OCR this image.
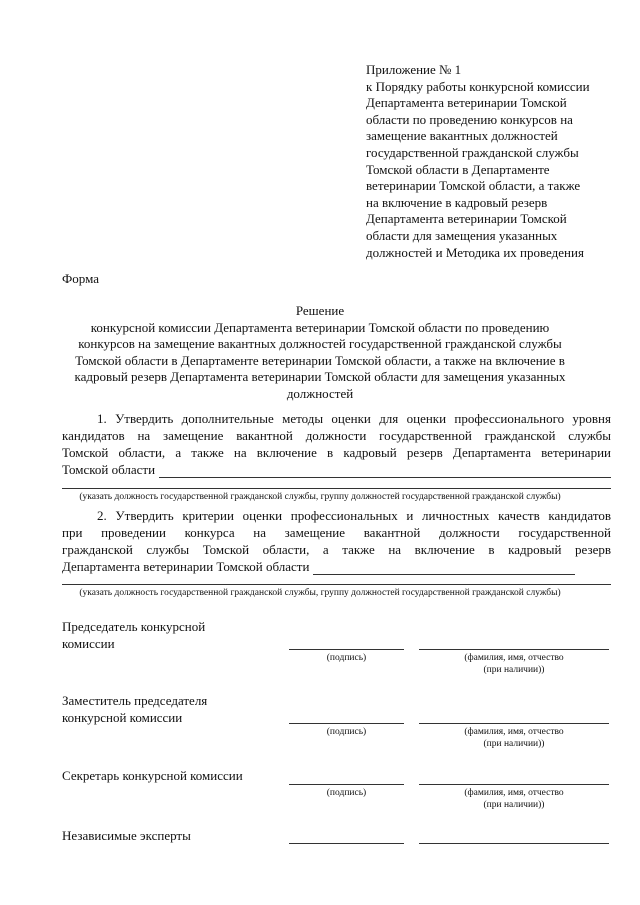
Приложение № 1
к Порядку работы конкурсной комиссии
Департамента ветеринарии Томской
области по проведению конкурсов на
замещение вакантных должностей
государственной гражданской службы
Томской области в Департаменте
ветеринарии Томской области, а также
на включение в кадровый резерв
Департамента ветеринарии Томской
области для замещения указанных
должностей и Методика их проведения
Форма
Решение
конкурсной комиссии Департамента ветеринарии Томской области по проведению
конкурсов на замещение вакантных должностей государственной гражданской службы
Томской области в Департаменте ветеринарии Томской области, а также на включение в
кадровый резерв Департамента ветеринарии Томской области для замещения указанных
должностей
1. Утвердить дополнительные методы оценки для оценки профессионального уровня
кандидатов на замещение вакантной должности государственной гражданской службы
Томской области, а также на включение в кадровый резерв Департамента ветеринарии
Томской области
(указать должность государственной гражданской службы, группу должностей государственной гражданской службы)
2. Утвердить критерии оценки профессиональных и личностных качеств кандидатов
при проведении конкурса на замещение вакантной должности государственной
гражданской службы Томской области, а также на включение в кадровый резерв
Департамента ветеринарии Томской области
(указать должность государственной гражданской службы, группу должностей государственной гражданской службы)
Председатель конкурсной комиссии
(подпись)	(фамилия, имя, отчество
(при наличии))
Заместитель председателя конкурсной комиссии
(подпись)	(фамилия, имя, отчество
(при наличии))
Секретарь конкурсной комиссии
(подпись)	(фамилия, имя, отчество
(при наличии))
Независимые эксперты
